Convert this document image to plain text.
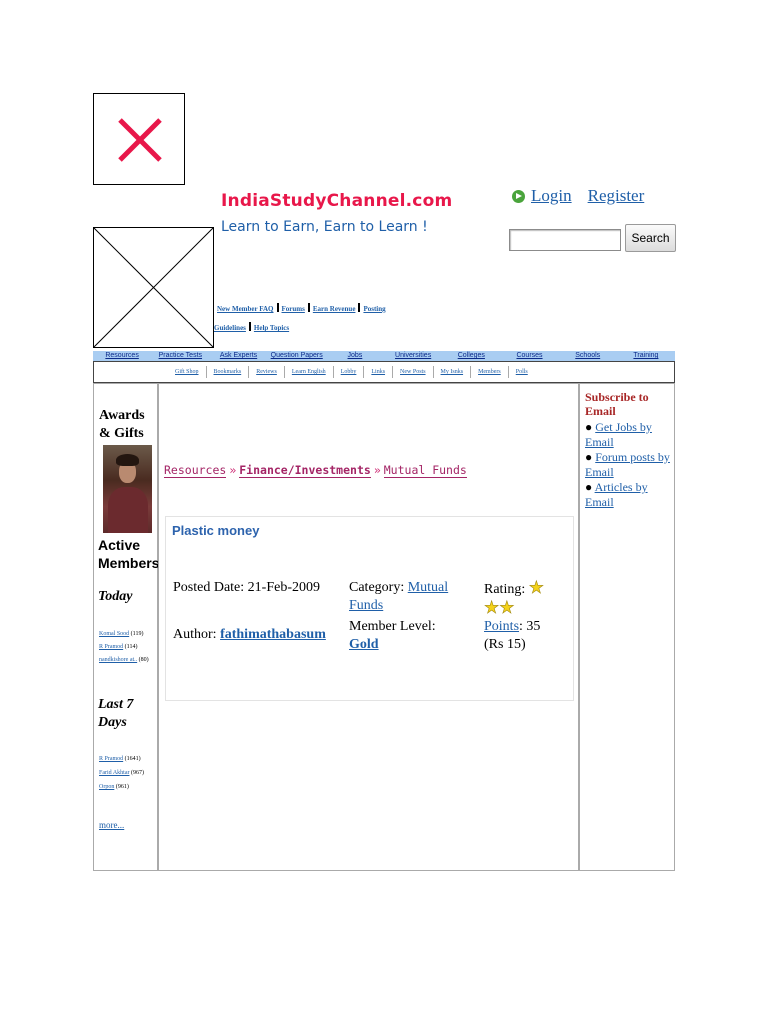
IndiaStudyChannel.com
Learn to Earn, Earn to Learn !
Login Register
Search
New Member FAQ Forums Earn Revenue Posting Guidelines Help Topics
Resources	Practice Tests	Ask Experts	Question Papers	Jobs	Universities	Colleges	Courses	Schools	Training
Gift Shop	Bookmarks	Reviews	Learn English	Lobby	Links	New Posts	My Isnks	Members	Polls
Awards & Gifts
Active Members
Today
Komal Sood (119)
R Pramod (114)
nandkishore at.. (80)
Last 7 Days
R Pramod (1641)
Farid Akhtar (967)
Orpon (961)
more...
Resources » Finance/Investments » Mutual Funds
Plastic money
Posted Date: 21-Feb-2009
Author: fathimathabasum
Category: Mutual Funds
Member Level: Gold
Rating: ★
★★
Points: 35
(Rs 15)
Subscribe to Email
● Get Jobs by Email
● Forum posts by Email
● Articles by Email
